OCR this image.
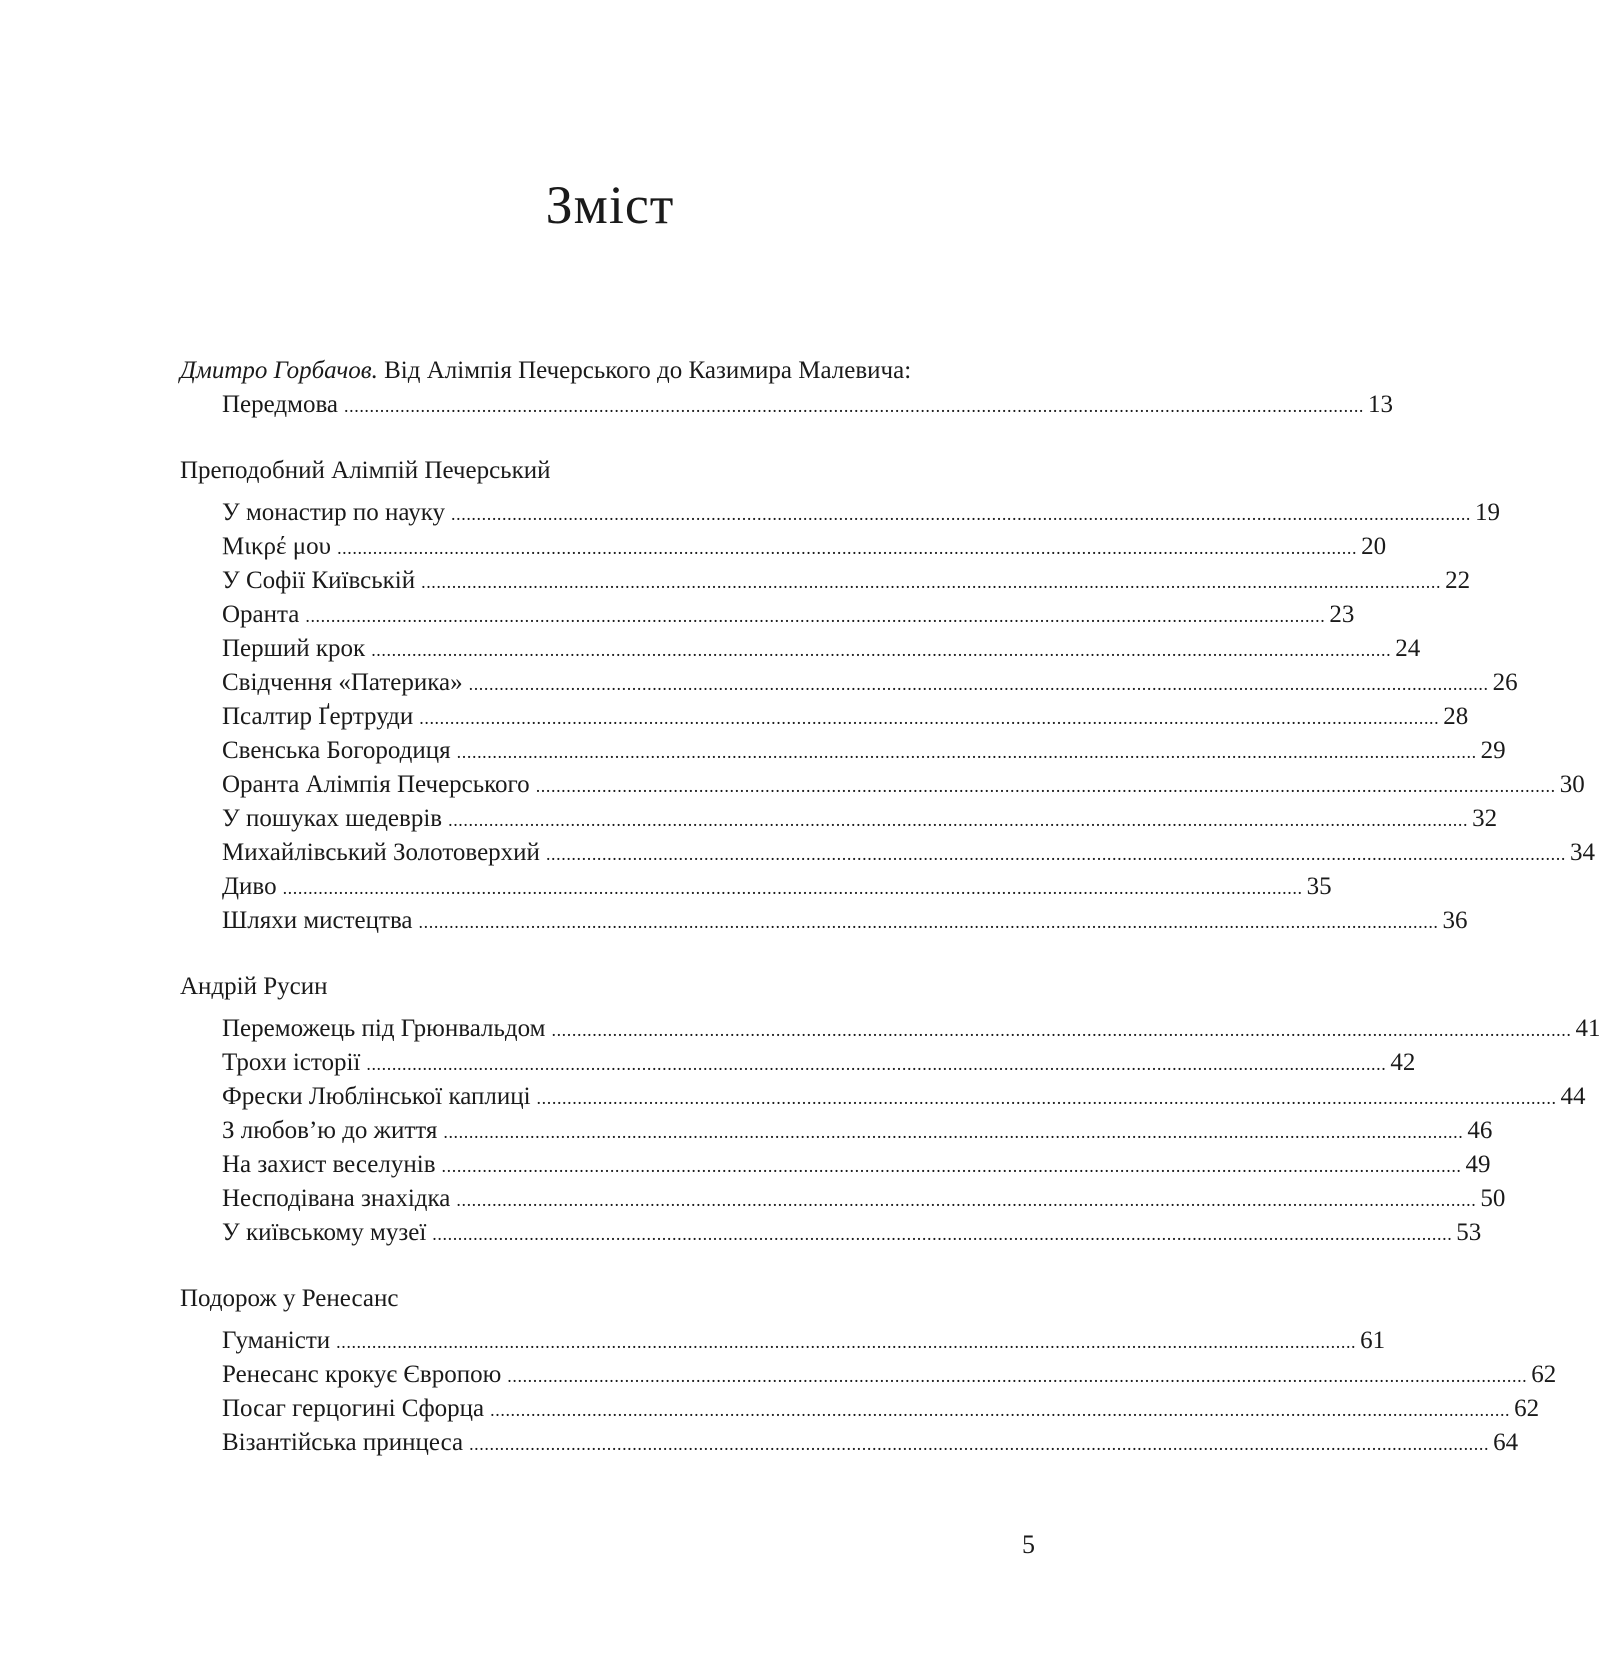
Зміст
Дмитро Горбачов. Від Алімпія Печерського до Казимира Малевича:
Передмова ........................................................................................................................................................................................................ 13
Преподобний Алімпій Печерський
У монастир по науку ........................................................................................................................................................................................................ 19
Μικρέ μου ........................................................................................................................................................................................................ 20
У Софії Київській ........................................................................................................................................................................................................ 22
Оранта ........................................................................................................................................................................................................ 23
Перший крок ........................................................................................................................................................................................................ 24
Свідчення «Патерика» ........................................................................................................................................................................................................ 26
Псалтир Ґертруди ........................................................................................................................................................................................................ 28
Свенська Богородиця ........................................................................................................................................................................................................ 29
Оранта Алімпія Печерського ........................................................................................................................................................................................................ 30
У пошуках шедеврів ........................................................................................................................................................................................................ 32
Михайлівський Золотоверхий ........................................................................................................................................................................................................ 34
Диво ........................................................................................................................................................................................................ 35
Шляхи мистецтва ........................................................................................................................................................................................................ 36
Андрій Русин
Переможець під Грюнвальдом ........................................................................................................................................................................................................ 41
Трохи історії ........................................................................................................................................................................................................ 42
Фрески Люблінської каплиці ........................................................................................................................................................................................................ 44
З любов’ю до життя ........................................................................................................................................................................................................ 46
На захист веселунів ........................................................................................................................................................................................................ 49
Несподівана знахідка ........................................................................................................................................................................................................ 50
У київському музеї ........................................................................................................................................................................................................ 53
Подорож у Ренесанс
Гуманісти ........................................................................................................................................................................................................ 61
Ренесанс крокує Європою ........................................................................................................................................................................................................ 62
Посаг герцогині Сфорца ........................................................................................................................................................................................................ 62
Візантійська принцеса ........................................................................................................................................................................................................ 64
5
